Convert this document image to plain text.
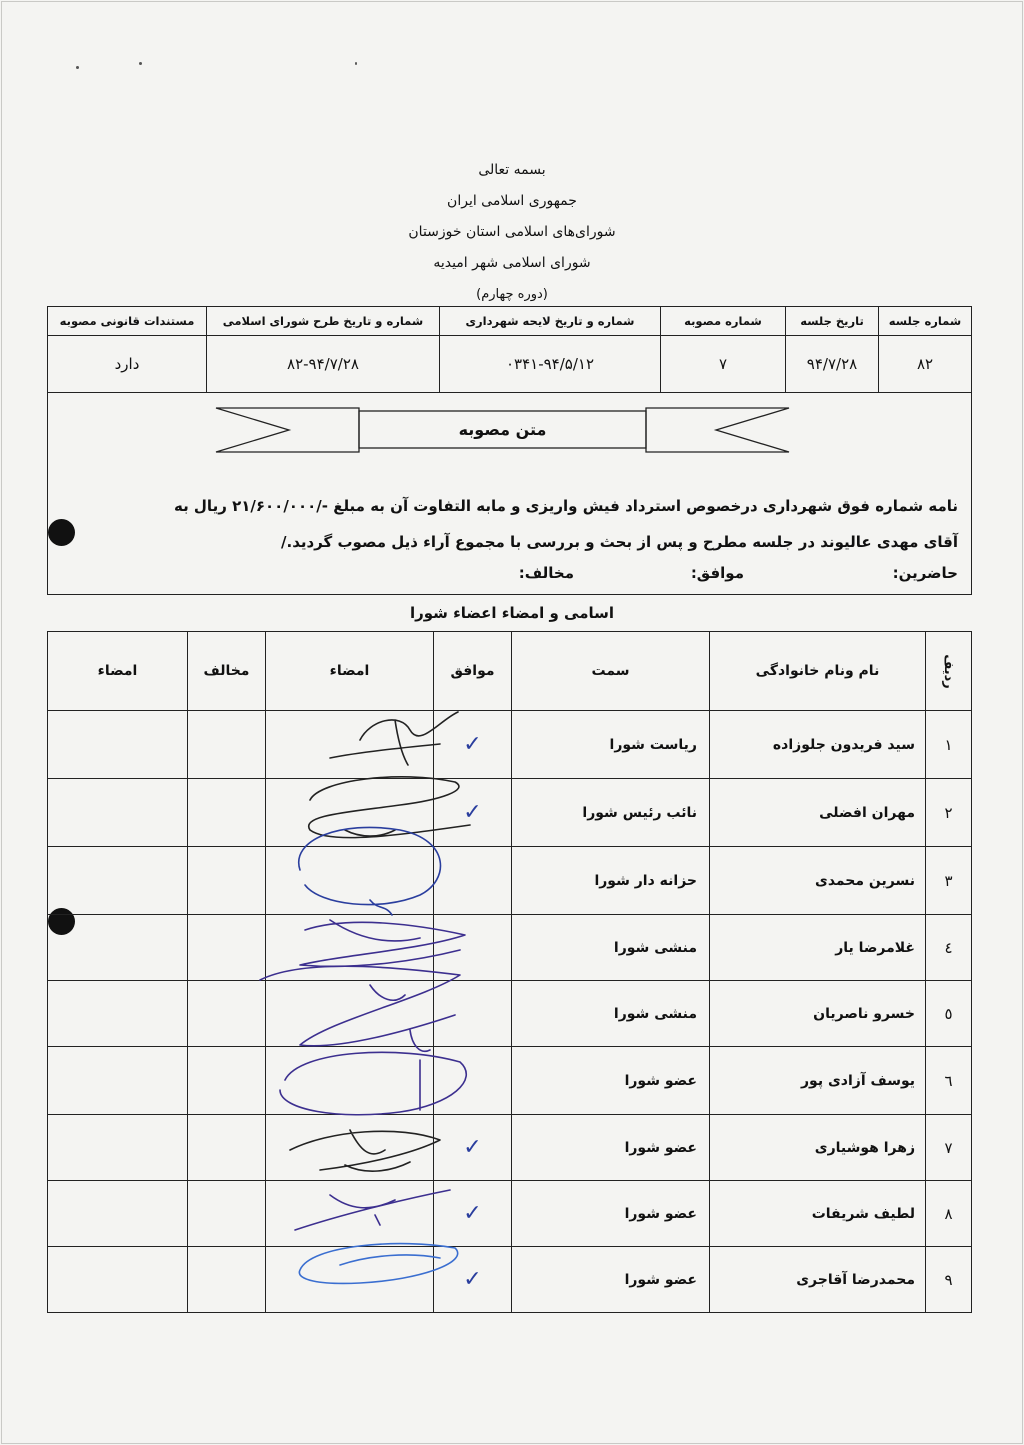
بسمه تعالی
جمهوری اسلامی ایران
شورای‌های اسلامی استان خوزستان
شورای اسلامی شهر امیدیه
(دوره چهارم)
شماره جلسه	تاریخ جلسه	شماره مصوبه	شماره و تاریخ لایحه شهرداری	شماره و تاریخ طرح شورای اسلامی	مستندات قانونی مصوبه
۸۲	۹۴/۷/۲۸	۷	۰۳۴۱-۹۴/۵/۱۲	۸۲-۹۴/۷/۲۸	دارد
متن مصوبه

نامه شماره فوق شهرداری درخصوص استرداد فیش واریزی و مابه التفاوت آن به مبلغ -/۲۱/۶۰۰/۰۰۰ ریال به

آقای مهدی عالیوند در جلسه مطرح و پس از بحث و بررسی با مجموع آراء ذیل مصوب گردید./

حاضرین:
موافق:
مخالف:
اسامی و امضاء اعضاء شورا
ردیف	نام ونام خانوادگی	سمت	موافق	امضاء	مخالف	امضاء
۱	سید فریدون جلوزاده	ریاست شورا	✓			
۲	مهران افضلی	نائب رئیس شورا	✓			
۳	نسرین محمدی	حزانه دار شورا				
٤	غلامرضا یار	منشی شورا				
٥	خسرو ناصریان	منشی شورا				
٦	یوسف آزادی پور	عضو شورا				
۷	زهرا هوشیاری	عضو شورا	✓			
۸	لطیف شریفات	عضو شورا	✓			
۹	محمدرضا آقاجری	عضو شورا	✓			
